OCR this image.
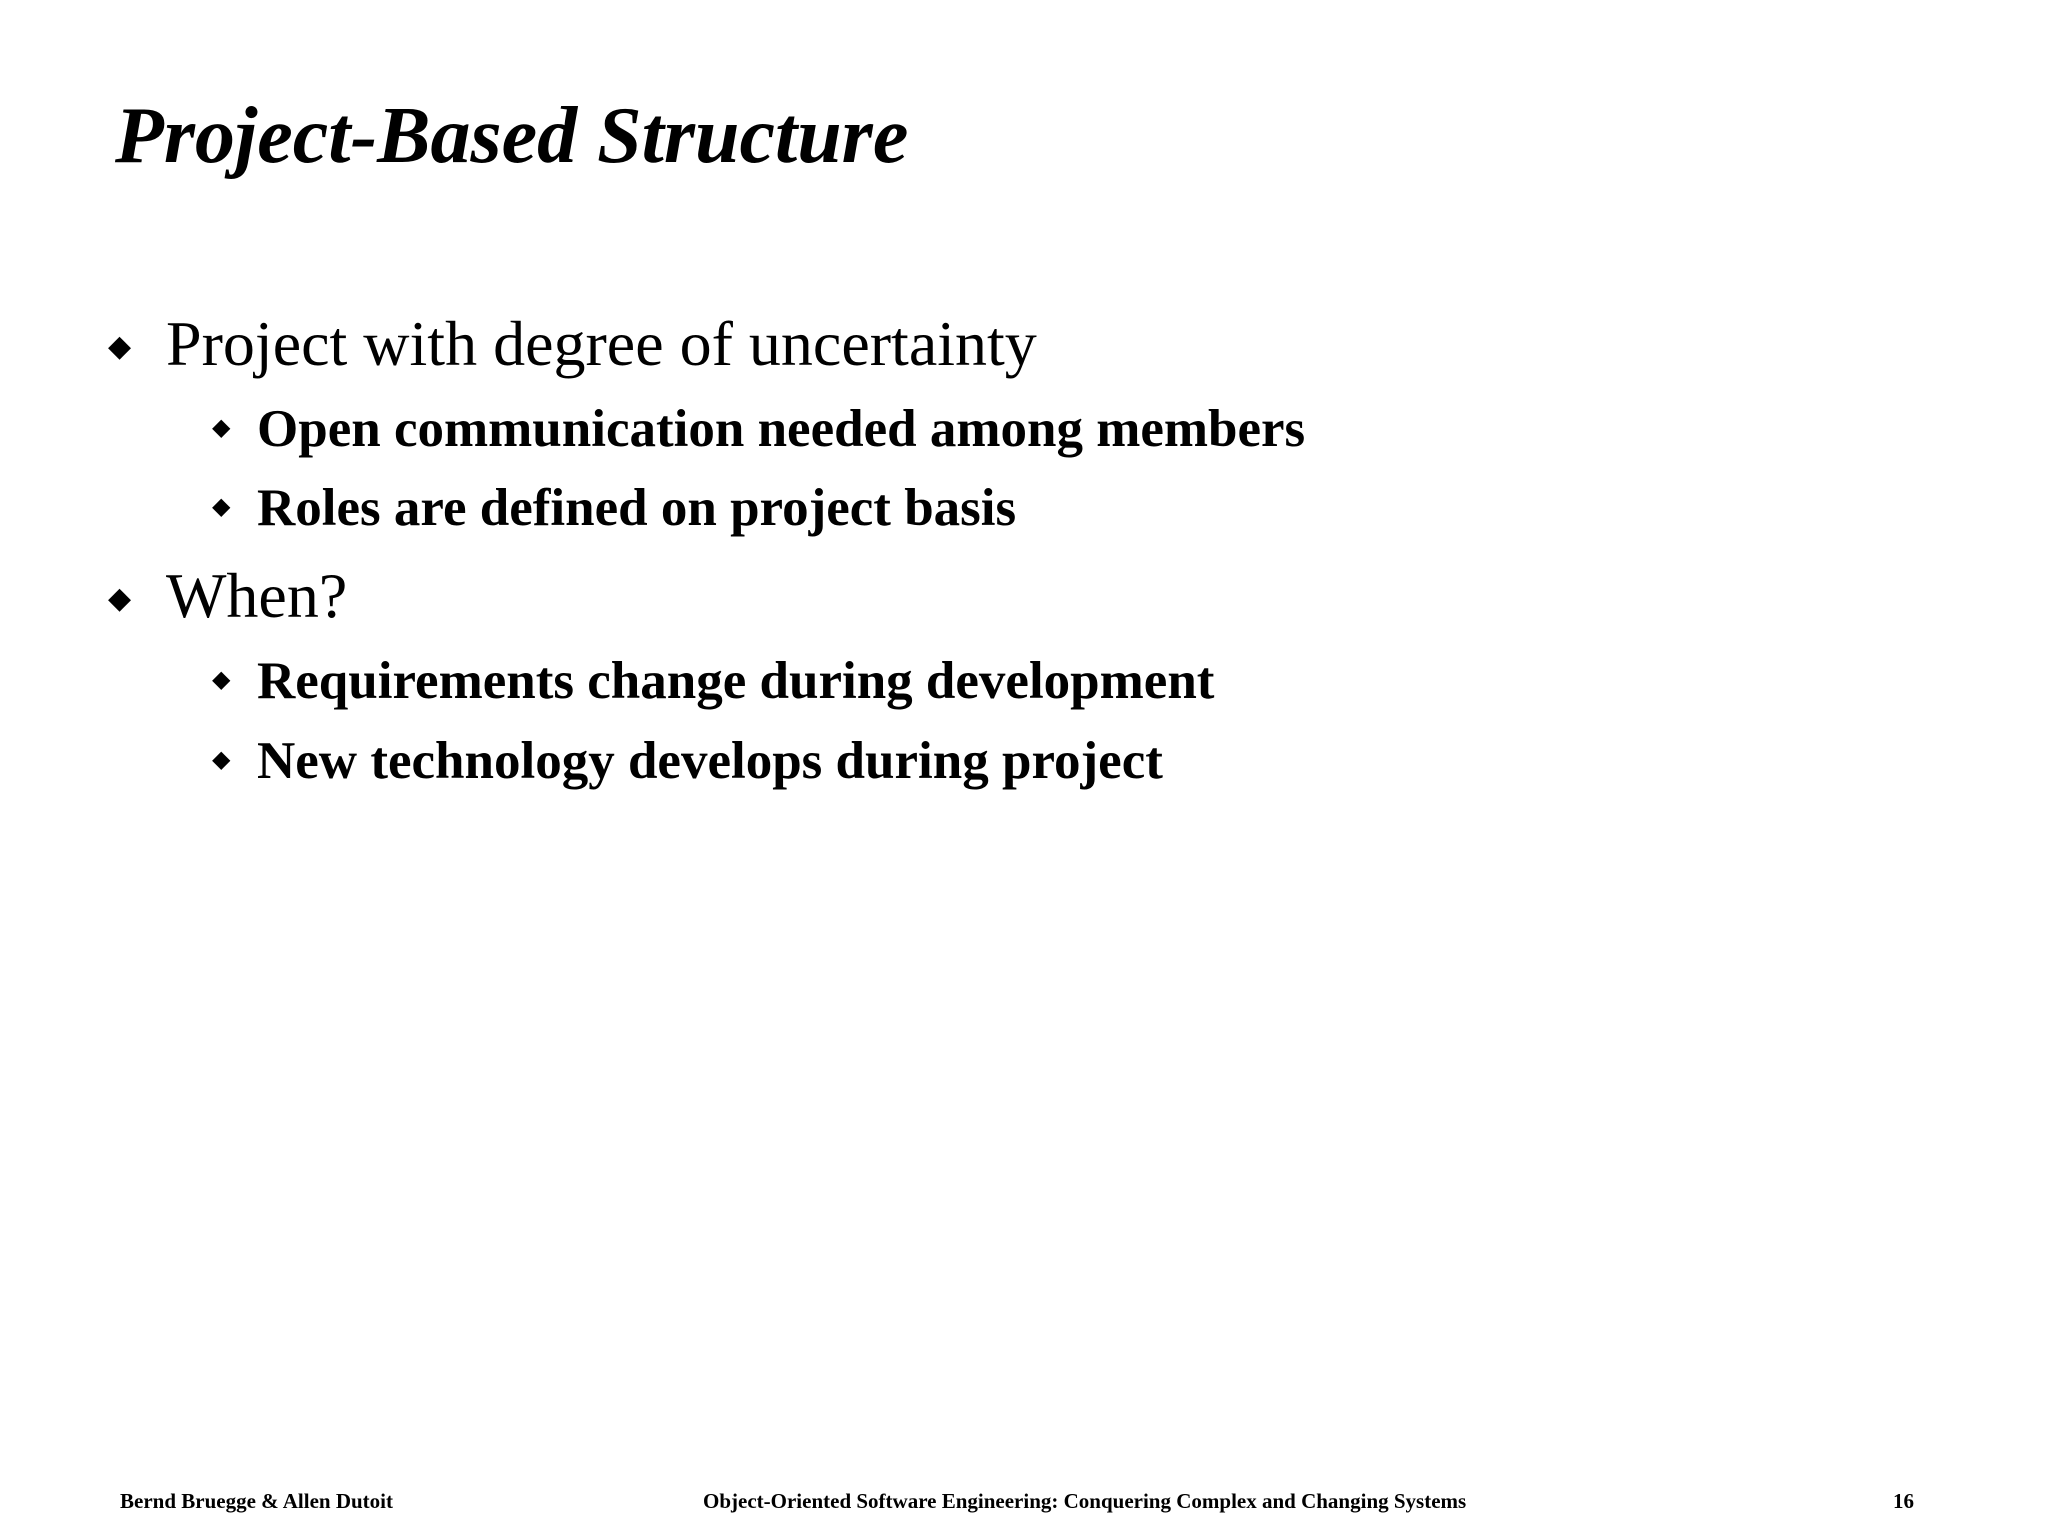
Project-Based Structure
◆ Project with degree of uncertainty
◆ Open communication needed among members
◆ Roles are defined on project basis
◆ When?
◆ Requirements change during development
◆ New technology develops during project
Bernd Bruegge & Allen Dutoit	Object-Oriented Software Engineering: Conquering Complex and Changing Systems	16
